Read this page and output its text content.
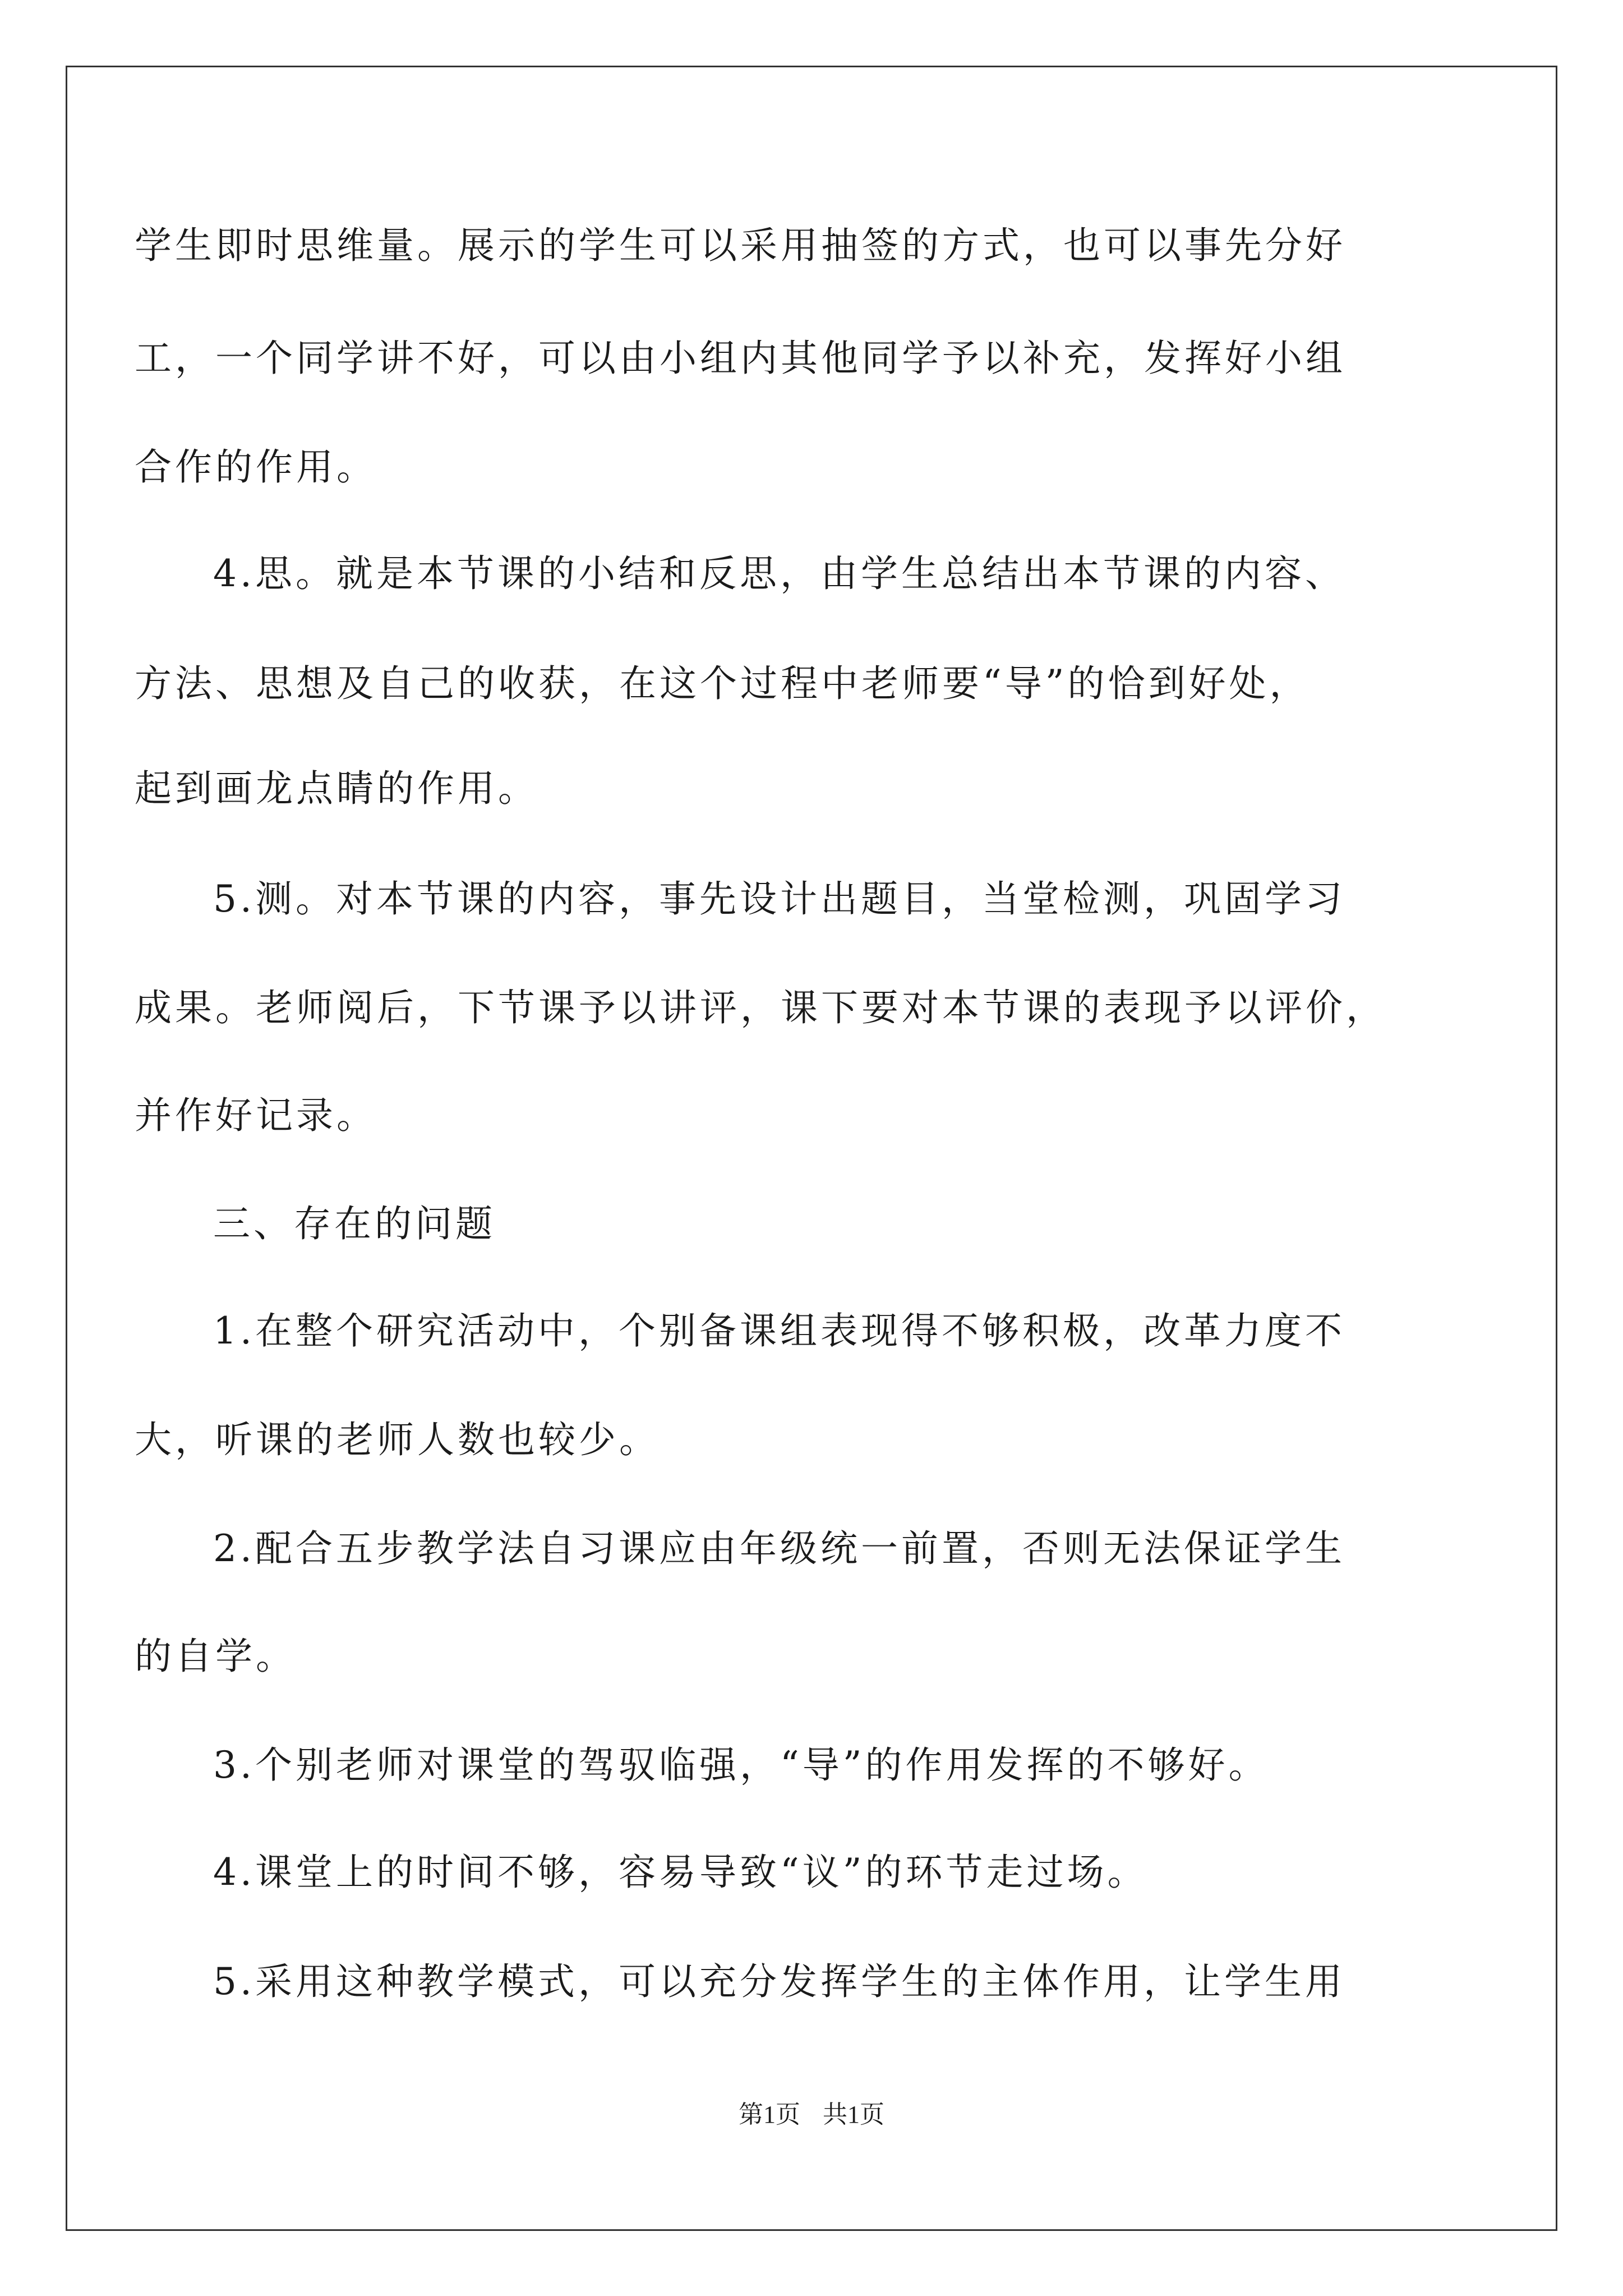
学生即时思维量。展示的学生可以采用抽签的方式，也可以事先分好
工，一个同学讲不好，可以由小组内其他同学予以补充，发挥好小组
合作的作用。
4.思。就是本节课的小结和反思，由学生总结出本节课的内容、
方法、思想及自己的收获，在这个过程中老师要“导”的恰到好处，
起到画龙点睛的作用。
5.测。对本节课的内容，事先设计出题目，当堂检测，巩固学习
成果。老师阅后，下节课予以讲评，课下要对本节课的表现予以评价，
并作好记录。
三、存在的问题
1.在整个研究活动中，个别备课组表现得不够积极，改革力度不
大，听课的老师人数也较少。
2.配合五步教学法自习课应由年级统一前置，否则无法保证学生
的自学。
3.个别老师对课堂的驾驭临强，“导”的作用发挥的不够好。
4.课堂上的时间不够，容易导致“议”的环节走过场。
5.采用这种教学模式，可以充分发挥学生的主体作用，让学生用
第1页 共1页
